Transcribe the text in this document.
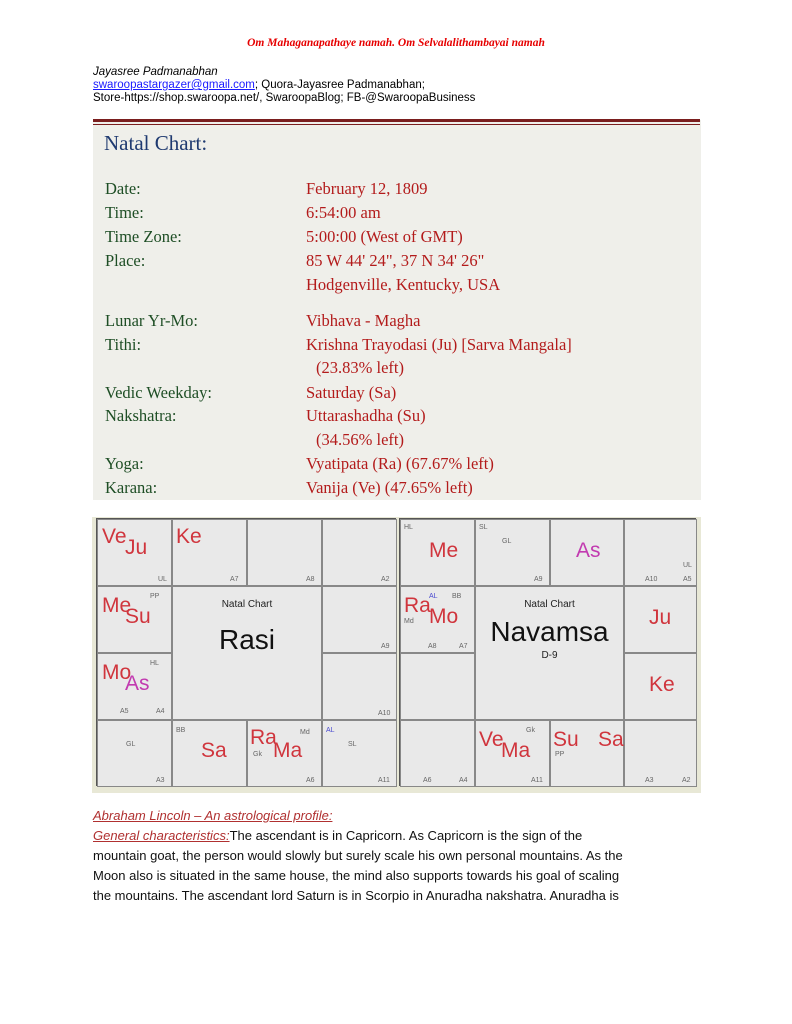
Om Mahaganapathaye namah. Om Selvalalithambayai namah
Jayasree Padmanabhan
swaroopastargazer@gmail.com; Quora-Jayasree Padmanabhan;
Store-https://shop.swaroopa.net/, SwaroopaBlog; FB-@SwaroopaBusiness
Natal Chart:
Date:	February 12, 1809
Time:	6:54:00 am
Time Zone:	5:00:00 (West of GMT)
Place:	85 W 44' 24", 37 N 34' 26"
Hodgenville, Kentucky, USA
Lunar Yr-Mo:	Vibhava - Magha
Tithi:	Krishna Trayodasi (Ju) [Sarva Mangala]
(23.83% left)
Vedic Weekday:	Saturday (Sa)
Nakshatra:	Uttarashadha (Su)
(34.56% left)
Yoga:	Vyatipata (Ra) (67.67% left)
Karana:	Vanija (Ve) (47.65% left)
Ve
Ju
UL
Ke
A7	A8	A2
Me
Su
PP
Mo
As
HL
A5	A4
A9
A10
GL
A3
BB
Sa
Ra
Ma
Md
Gk
A6
AL
SL
A11
Natal Chart
Rasi
HL
Me
SL
GL
A9
As
UL
A10	A5
Ra
Mo
AL BB
Md
A8	A7
Ju
Ke
A6	A4
Ve
Ma
Gk
A11
Su Sa
PP
A3	A2
Natal Chart
Navamsa
D-9
Abraham Lincoln – An astrological profile:
General characteristics:The ascendant is in Capricorn. As Capricorn is the sign of the
mountain goat, the person would slowly but surely scale his own personal mountains. As the
Moon also is situated in the same house, the mind also supports towards his goal of scaling
the mountains. The ascendant lord Saturn is in Scorpio in Anuradha nakshatra. Anuradha is
